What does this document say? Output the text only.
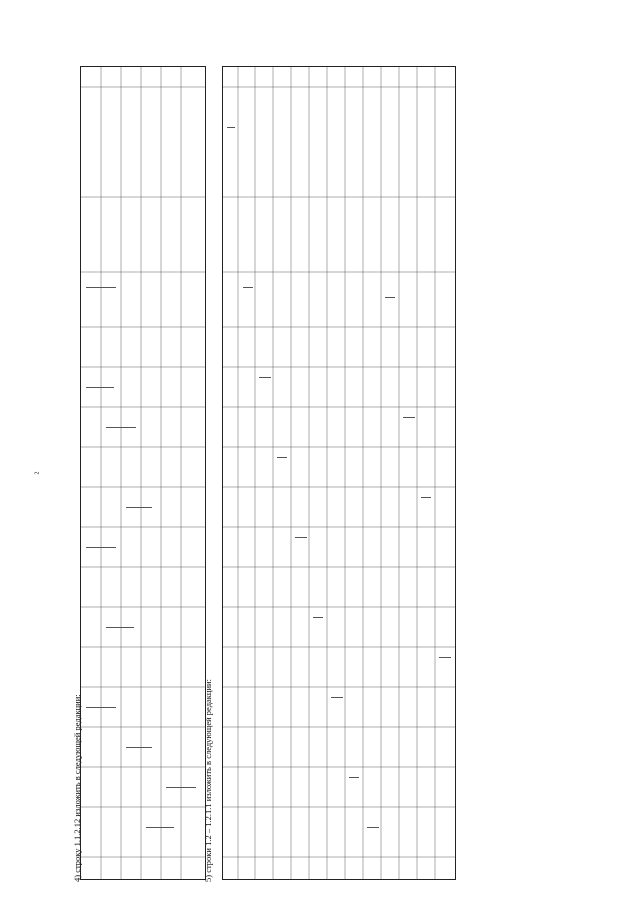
2
4) строку 1.1.2.12 изложить в следующей редакции:	5) строки 1.2 – 1.2.1.1 изложить в следующей редакции:
